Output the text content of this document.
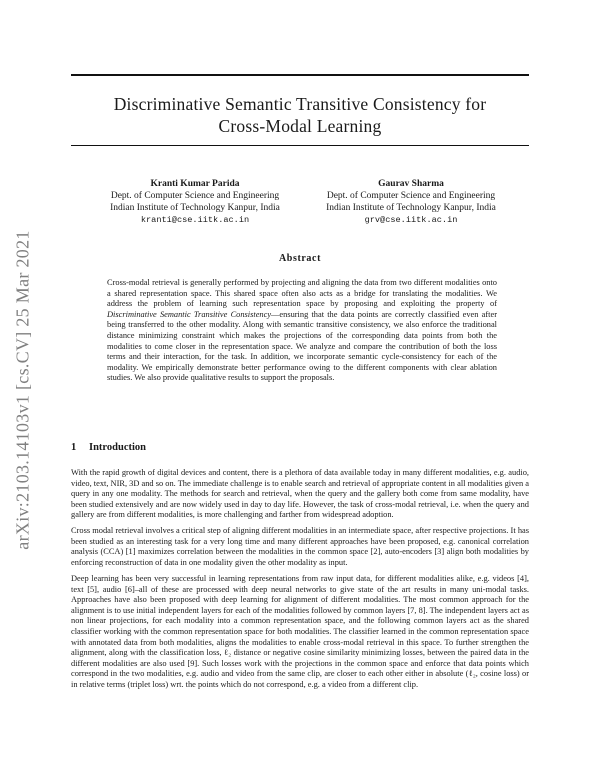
Discriminative Semantic Transitive Consistency for
Cross-Modal Learning
arXiv:2103.14103v1 [cs.CV] 25 Mar 2021
Kranti Kumar Parida
Dept. of Computer Science and Engineering
Indian Institute of Technology Kanpur, India
kranti@cse.iitk.ac.in
Gaurav Sharma
Dept. of Computer Science and Engineering
Indian Institute of Technology Kanpur, India
grv@cse.iitk.ac.in
Abstract
Cross-modal retrieval is generally performed by projecting and aligning the data from two different modalities onto a shared representation space. This shared space often also acts as a bridge for translating the modalities. We address the problem of learning such representation space by proposing and exploiting the property of Discriminative Semantic Transitive Consistency—ensuring that the data points are correctly classified even after being transferred to the other modality. Along with semantic transitive consistency, we also enforce the traditional distance minimizing constraint which makes the projections of the corresponding data points from both the modalities to come closer in the representation space. We analyze and compare the contribution of both the loss terms and their interaction, for the task. In addition, we incorporate semantic cycle-consistency for each of the modality. We empirically demonstrate better performance owing to the different components with clear ablation studies. We also provide qualitative results to support the proposals.
1 Introduction
With the rapid growth of digital devices and content, there is a plethora of data available today in many different modalities, e.g. audio, video, text, NIR, 3D and so on. The immediate challenge is to enable search and retrieval of appropriate content in all modalities given a query in any one modality. The methods for search and retrieval, when the query and the gallery both come from same modality, have been studied extensively and are now widely used in day to day life. However, the task of cross-modal retrieval, i.e. when the query and gallery are from different modalities, is more challenging and farther from widespread adoption.
Cross modal retrieval involves a critical step of aligning different modalities in an intermediate space, after respective projections. It has been studied as an interesting task for a very long time and many different approaches have been proposed, e.g. canonical correlation analysis (CCA) [1] maximizes correlation between the modalities in the common space [2], auto-encoders [3] align both modalities by enforcing reconstruction of data in one modality given the other modality as input.
Deep learning has been very successful in learning representations from raw input data, for different modalities alike, e.g. videos [4], text [5], audio [6]–all of these are processed with deep neural networks to give state of the art results in many uni-modal tasks. Approaches have also been proposed with deep learning for alignment of different modalities. The most common approach for the alignment is to use initial independent layers for each of the modalities followed by common layers [7, 8]. The independent layers act as non linear projections, for each modality into a common representation space, and the following common layers act as the shared classifier working with the common representation space for both modalities. The classifier learned in the common representation space with annotated data from both modalities, aligns the modalities to enable cross-modal retrieval in this space. To further strengthen the alignment, along with the classification loss, ℓ₂ distance or negative cosine similarity minimizing losses, between the paired data in the different modalities are also used [9]. Such losses work with the projections in the common space and enforce that data points which correspond in the two modalities, e.g. audio and video from the same clip, are closer to each other either in absolute (ℓ₂, cosine loss) or in relative terms (triplet loss) wrt. the points which do not correspond, e.g. a video from a different clip.
